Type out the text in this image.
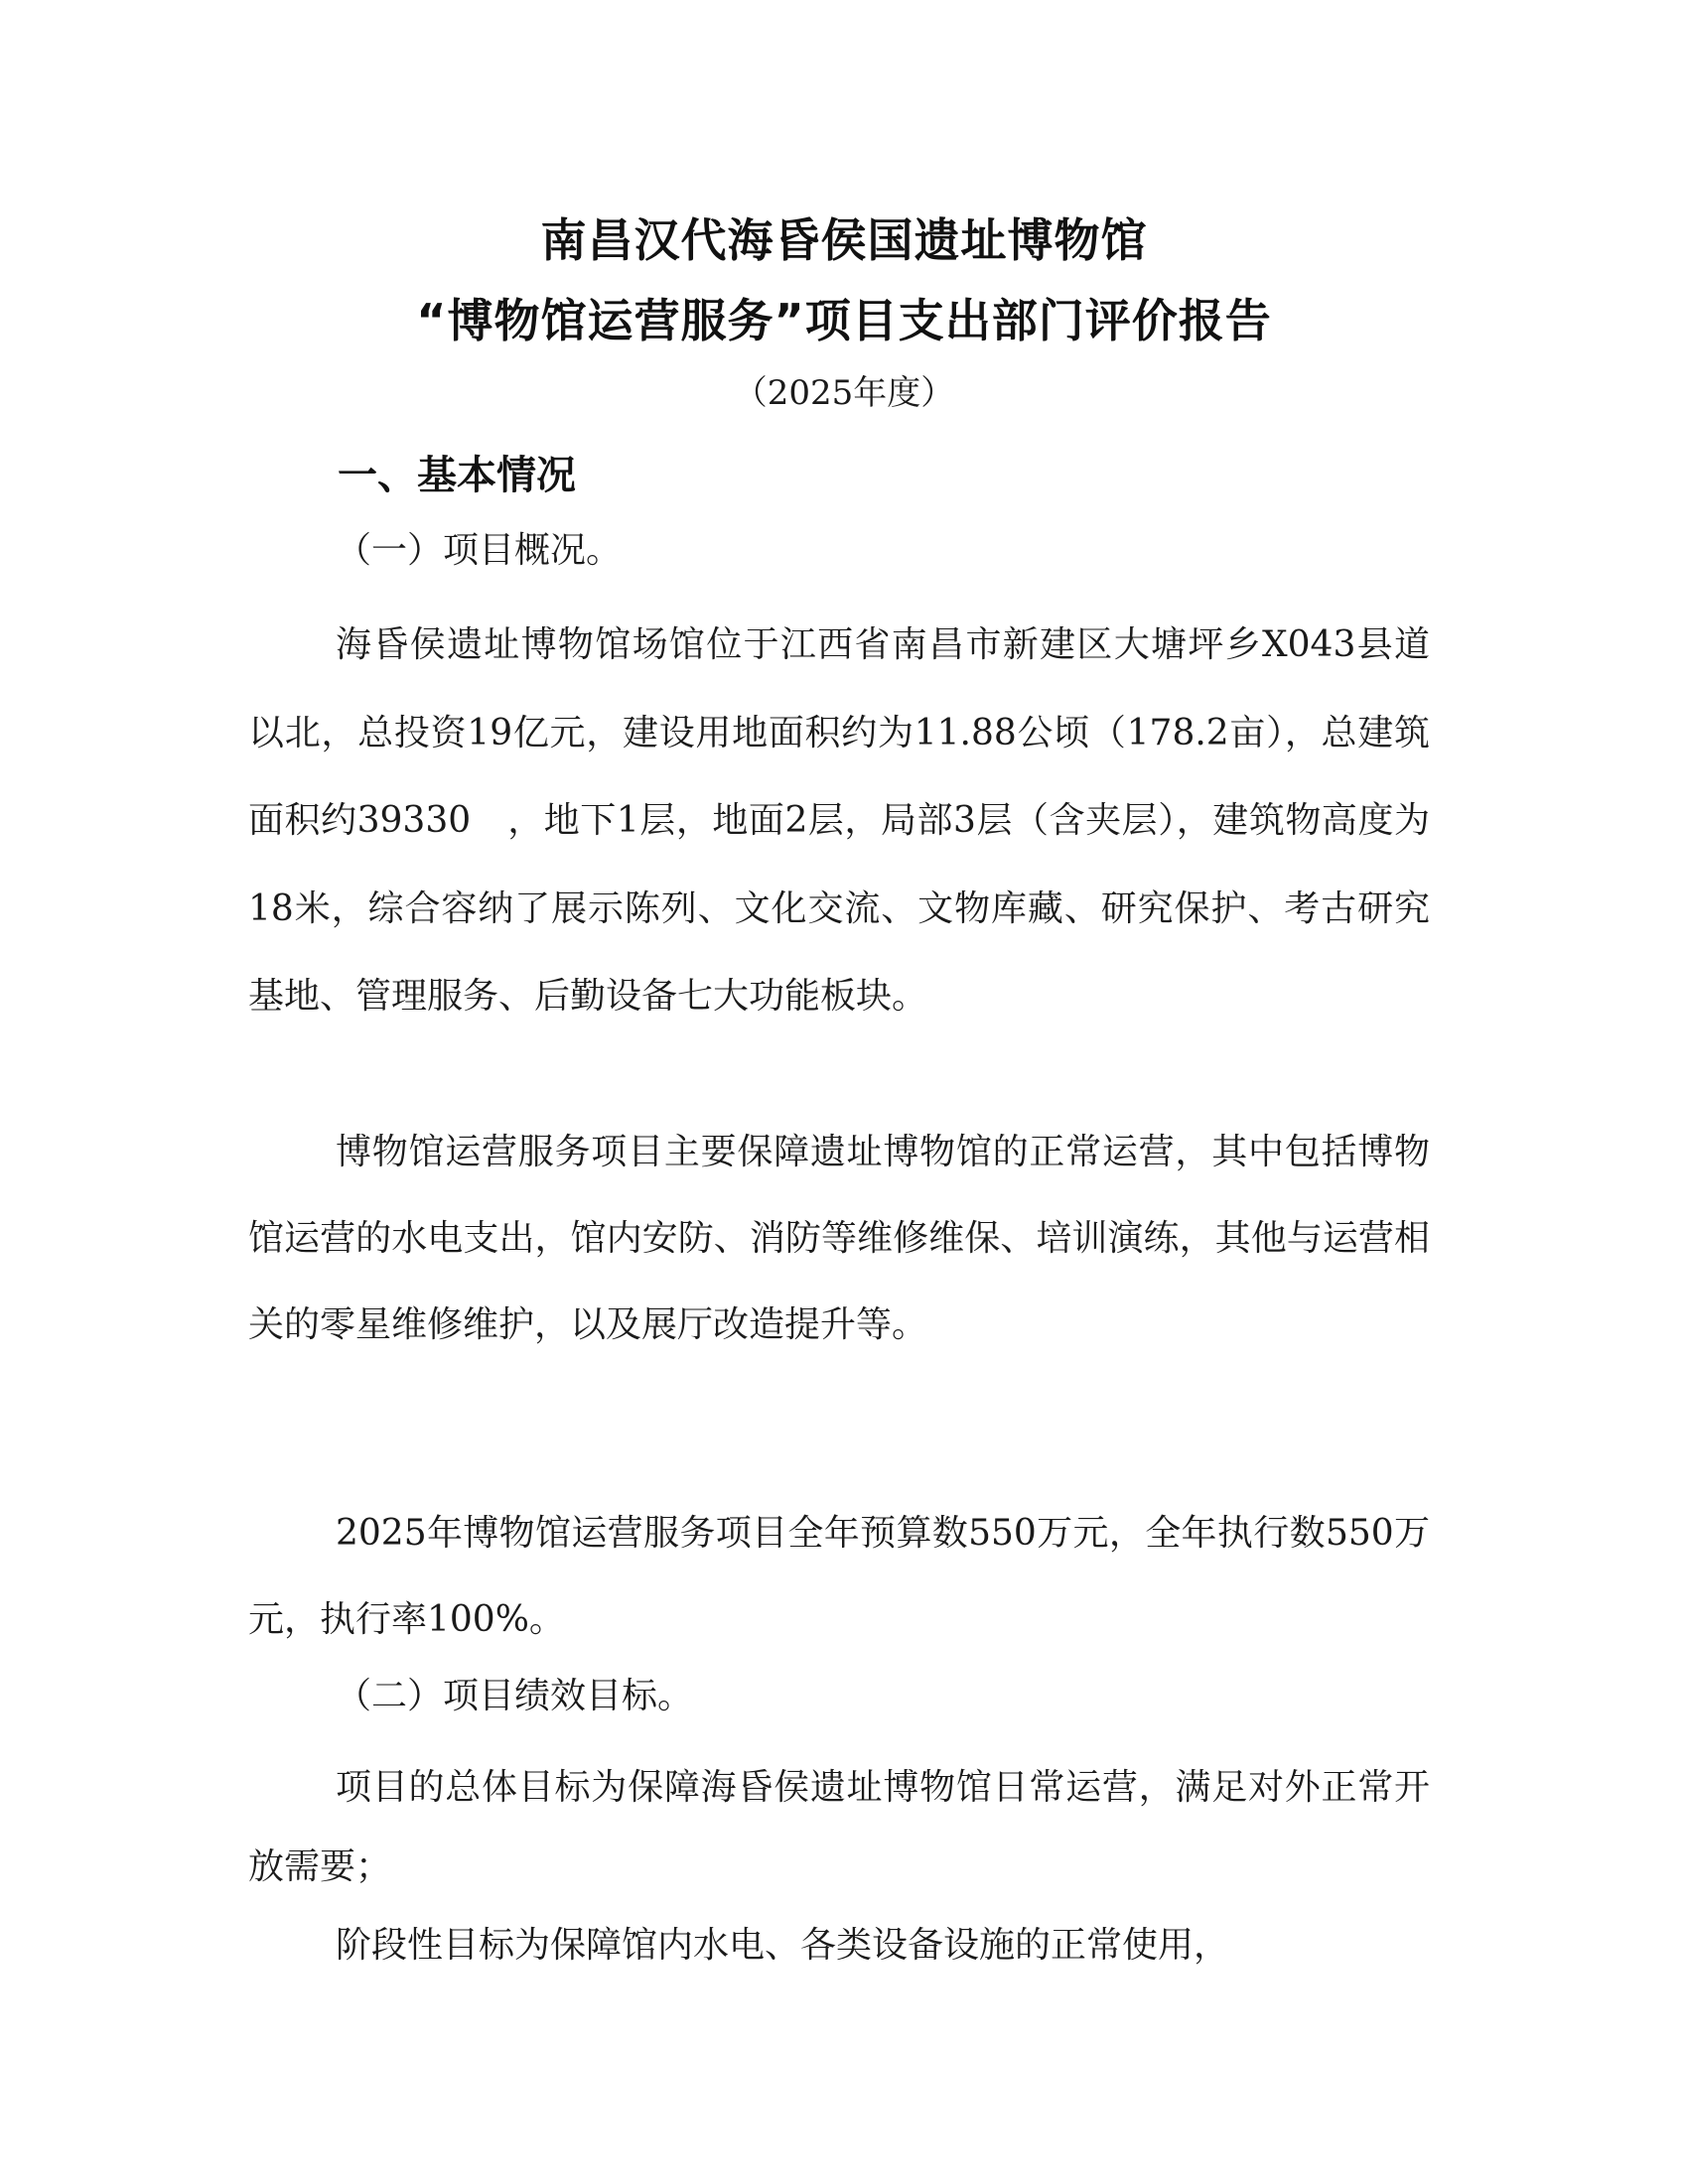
南昌汉代海昏侯国遗址博物馆
“博物馆运营服务”项目支出部门评价报告
（2025年度）
一、基本情况
（一）项目概况。

海昏侯遗址博物馆场馆位于江西省南昌市新建区大塘坪乡X043县道以北，总投资19亿元，建设用地面积约为11.88公顷（178.2亩），总建筑面积约39330　，地下1层，地面2层，局部3层（含夹层），建筑物高度为18米，综合容纳了展示陈列、文化交流、文物库藏、研究保护、考古研究基地、管理服务、后勤设备七大功能板块。

博物馆运营服务项目主要保障遗址博物馆的正常运营，其中包括博物馆运营的水电支出，馆内安防、消防等维修维保、培训演练，其他与运营相关的零星维修维护，以及展厅改造提升等。

2025年博物馆运营服务项目全年预算数550万元，全年执行数550万元，执行率100%。

（二）项目绩效目标。

项目的总体目标为保障海昏侯遗址博物馆日常运营，满足对外正常开放需要；

阶段性目标为保障馆内水电、各类设备设施的正常使用，
